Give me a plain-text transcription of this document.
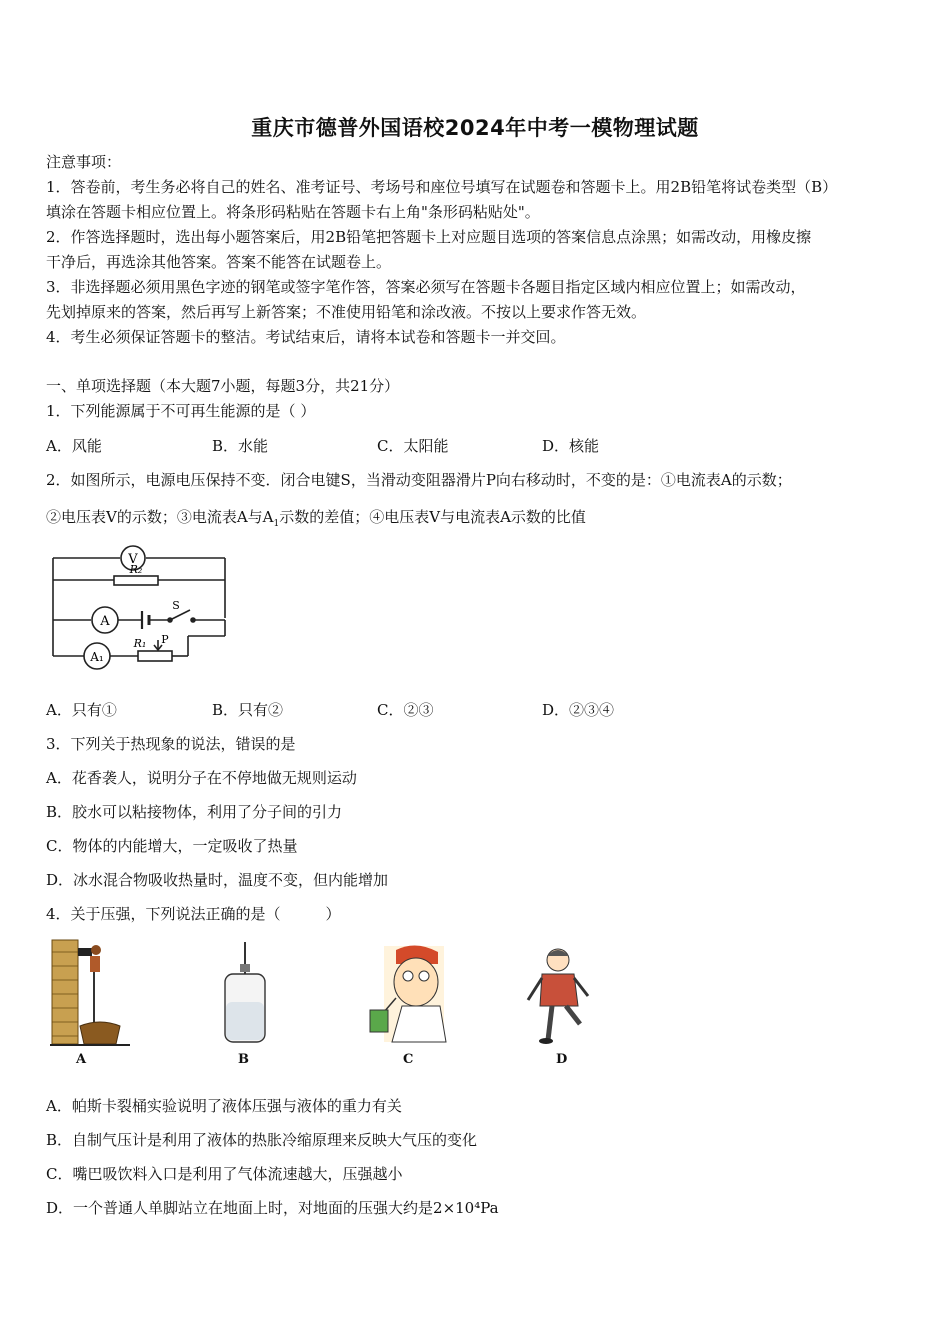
重庆市德普外国语校2024年中考一模物理试题
注意事项：
1．答卷前，考生务必将自己的姓名、准考证号、考场号和座位号填写在试题卷和答题卡上。用2B铅笔将试卷类型（B）
填涂在答题卡相应位置上。将条形码粘贴在答题卡右上角"条形码粘贴处"。
2．作答选择题时，选出每小题答案后，用2B铅笔把答题卡上对应题目选项的答案信息点涂黑；如需改动，用橡皮擦
干净后，再选涂其他答案。答案不能答在试题卷上。
3．非选择题必须用黑色字迹的钢笔或签字笔作答，答案必须写在答题卡各题目指定区域内相应位置上；如需改动，
先划掉原来的答案，然后再写上新答案；不准使用铅笔和涂改液。不按以上要求作答无效。
4．考生必须保证答题卡的整洁。考试结束后，请将本试卷和答题卡一并交回。
一、单项选择题（本大题7小题，每题3分，共21分）
1．下列能源属于不可再生能源的是（ ）
A．风能	B．水能	C．太阳能	D．核能
2．如图所示，电源电压保持不变．闭合电键S，当滑动变阻器滑片P向右移动时，不变的是：①电流表A的示数；
②电压表V的示数；③电流表A与$A_1$示数的差值；④电压表V与电流表A示数的比值
V
R₂
A
S
A₁
R₁ P
A．只有①	B．只有②	C．②③	D．②③④
3．下列关于热现象的说法，错误的是
A．花香袭人，说明分子在不停地做无规则运动
B．胶水可以粘接物体，利用了分子间的引力
C．物体的内能增大，一定吸收了热量
D．冰水混合物吸收热量时，温度不变，但内能增加
4．关于压强，下列说法正确的是（　　　）
A	B	C	D
A．帕斯卡裂桶实验说明了液体压强与液体的重力有关
B．自制气压计是利用了液体的热胀冷缩原理来反映大气压的变化
C．嘴巴吸饮料入口是利用了气体流速越大，压强越小
D．一个普通人单脚站立在地面上时，对地面的压强大约是2×10⁴Pa
